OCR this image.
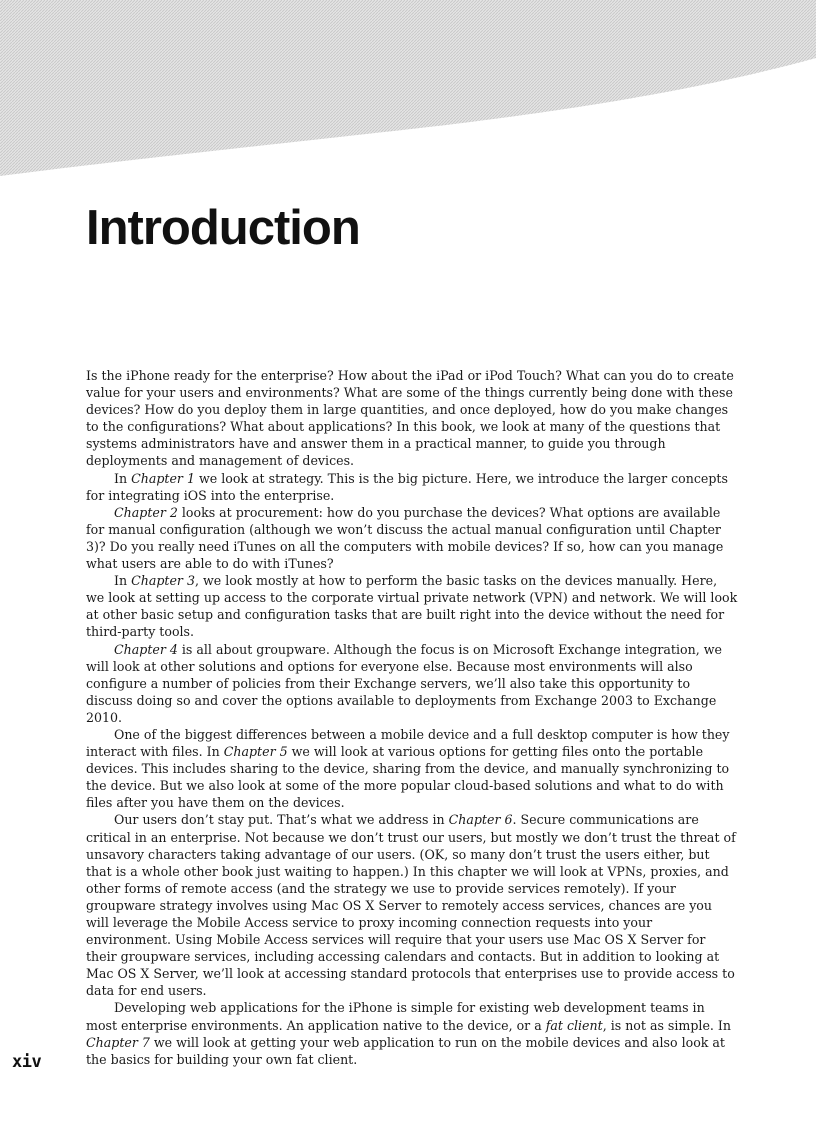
Introduction

Is the iPhone ready for the enterprise? How about the iPad or iPod Touch? What can you do to create value for your users and environments? What are some of the things currently being done with these devices? How do you deploy them in large quantities, and once deployed, how do you make changes to the configurations? What about applications? In this book, we look at many of the questions that systems administrators have and answer them in a practical manner, to guide you through deployments and management of devices.

In Chapter 1 we look at strategy. This is the big picture. Here, we introduce the larger concepts for integrating iOS into the enterprise.

Chapter 2 looks at procurement: how do you purchase the devices? What options are available for manual configuration (although we won’t discuss the actual manual configuration until Chapter 3)? Do you really need iTunes on all the computers with mobile devices? If so, how can you manage what users are able to do with iTunes?

In Chapter 3, we look mostly at how to perform the basic tasks on the devices manually. Here, we look at setting up access to the corporate virtual private network (VPN) and network. We will look at other basic setup and configuration tasks that are built right into the device without the need for third-party tools.

Chapter 4 is all about groupware. Although the focus is on Microsoft Exchange integration, we will look at other solutions and options for everyone else. Because most environments will also configure a number of policies from their Exchange servers, we’ll also take this opportunity to discuss doing so and cover the options available to deployments from Exchange 2003 to Exchange 2010.

One of the biggest differences between a mobile device and a full desktop computer is how they interact with files. In Chapter 5 we will look at various options for getting files onto the portable devices. This includes sharing to the device, sharing from the device, and manually synchronizing to the device. But we also look at some of the more popular cloud-based solutions and what to do with files after you have them on the devices.

Our users don’t stay put. That’s what we address in Chapter 6. Secure communications are critical in an enterprise. Not because we don’t trust our users, but mostly we don’t trust the threat of unsavory characters taking advantage of our users. (OK, so many don’t trust the users either, but that is a whole other book just waiting to happen.) In this chapter we will look at VPNs, proxies, and other forms of remote access (and the strategy we use to provide services remotely). If your groupware strategy involves using Mac OS X Server to remotely access services, chances are you will leverage the Mobile Access service to proxy incoming connection requests into your environment. Using Mobile Access services will require that your users use Mac OS X Server for their groupware services, including accessing calendars and contacts. But in addition to looking at Mac OS X Server, we’ll look at accessing standard protocols that enterprises use to provide access to data for end users.

Developing web applications for the iPhone is simple for existing web development teams in most enterprise environments. An application native to the device, or a fat client, is not as simple. In Chapter 7 we will look at getting your web application to run on the mobile devices and also look at the basics for building your own fat client.

xiv
